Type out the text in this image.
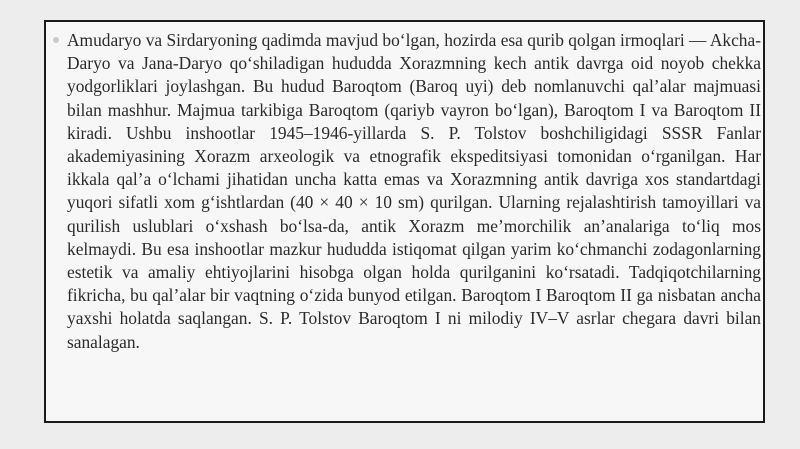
Amudaryo va Sirdaryoning qadimda mavjud bo‘lgan, hozirda esa qurib qolgan irmoqlari — Akcha-Daryo va Jana-Daryo qo‘shiladigan hududda Xorazmning kech antik davrga oid noyob chekka yodgorliklari joylashgan. Bu hudud Baroqtom (Baroq uyi) deb nomlanuvchi qal’alar majmuasi bilan mashhur. Majmua tarkibiga Baroqtom (qariyb vayron bo‘lgan), Baroqtom I va Baroqtom II kiradi. Ushbu inshootlar 1945–1946-yillarda S. P. Tolstov boshchiligidagi SSSR Fanlar akademiyasining Xorazm arxeologik va etnografik ekspeditsiyasi tomonidan o‘rganilgan. Har ikkala qal’a o‘lchami jihatidan uncha katta emas va Xorazmning antik davriga xos standartdagi yuqori sifatli xom g‘ishtlardan (40 × 40 × 10 sm) qurilgan. Ularning rejalashtirish tamoyillari va qurilish uslublari o‘xshash bo‘lsa-da, antik Xorazm me’morchilik an’analariga to‘liq mos kelmaydi. Bu esa inshootlar mazkur hududda istiqomat qilgan yarim ko‘chmanchi zodagonlarning estetik va amaliy ehtiyojlarini hisobga olgan holda qurilganini ko‘rsatadi. Tadqiqotchilarning fikricha, bu qal’alar bir vaqtning o‘zida bunyod etilgan. Baroqtom I Baroqtom II ga nisbatan ancha yaxshi holatda saqlangan. S. P. Tolstov Baroqtom I ni milodiy IV–V asrlar chegara davri bilan sanalagan.
